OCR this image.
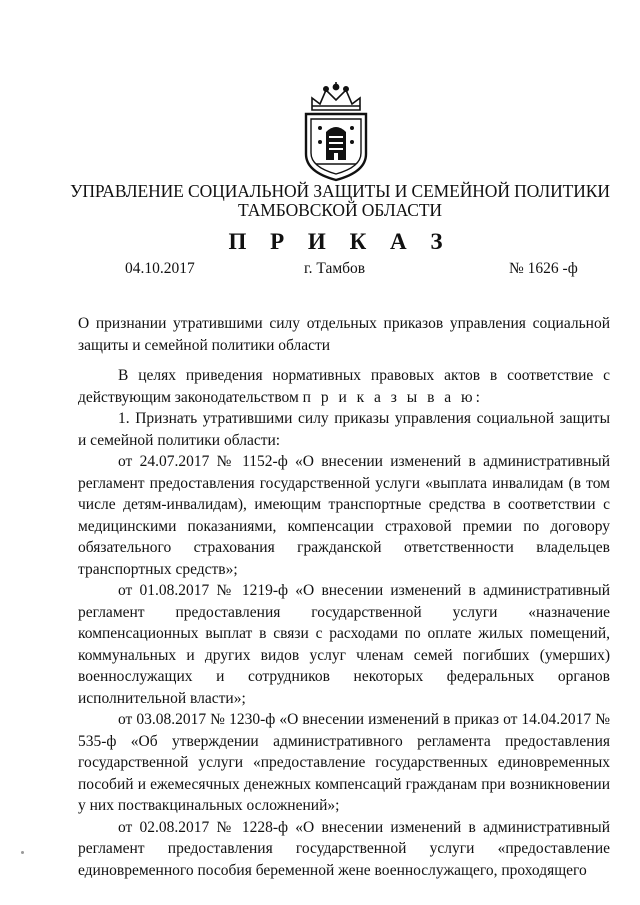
УПРАВЛЕНИЕ СОЦИАЛЬНОЙ ЗАЩИТЫ И СЕМЕЙНОЙ ПОЛИТИКИ
ТАМБОВСКОЙ ОБЛАСТИ
П Р И К А З
04.10.2017	г. Тамбов	№ 1626 -ф
О признании утратившими силу отдельных приказов управления социальной защиты и семейной политики области

В целях приведения нормативных правовых актов в соответствие с действующим законодательством п р и к а з ы в а ю:

1. Признать утратившими силу приказы управления социальной защиты и семейной политики области:

от 24.07.2017 № 1152-ф «О внесении изменений в административный регламент предоставления государственной услуги «выплата инвалидам (в том числе детям-инвалидам), имеющим транспортные средства в соответствии с медицинскими показаниями, компенсации страховой премии по договору обязательного страхования гражданской ответственности владельцев транспортных средств»;

от 01.08.2017 № 1219-ф «О внесении изменений в административный регламент предоставления государственной услуги «назначение компенсационных выплат в связи с расходами по оплате жилых помещений, коммунальных и других видов услуг членам семей погибших (умерших) военнослужащих и сотрудников некоторых федеральных органов исполнительной власти»;

от 03.08.2017 № 1230-ф «О внесении изменений в приказ от 14.04.2017 № 535-ф «Об утверждении административного регламента предоставления государственной услуги «предоставление государственных единовременных пособий и ежемесячных денежных компенсаций гражданам при возникновении у них поствакцинальных осложнений»;

от 02.08.2017 № 1228-ф «О внесении изменений в административный регламент предоставления государственной услуги «предоставление единовременного пособия беременной жене военнослужащего, проходящего
